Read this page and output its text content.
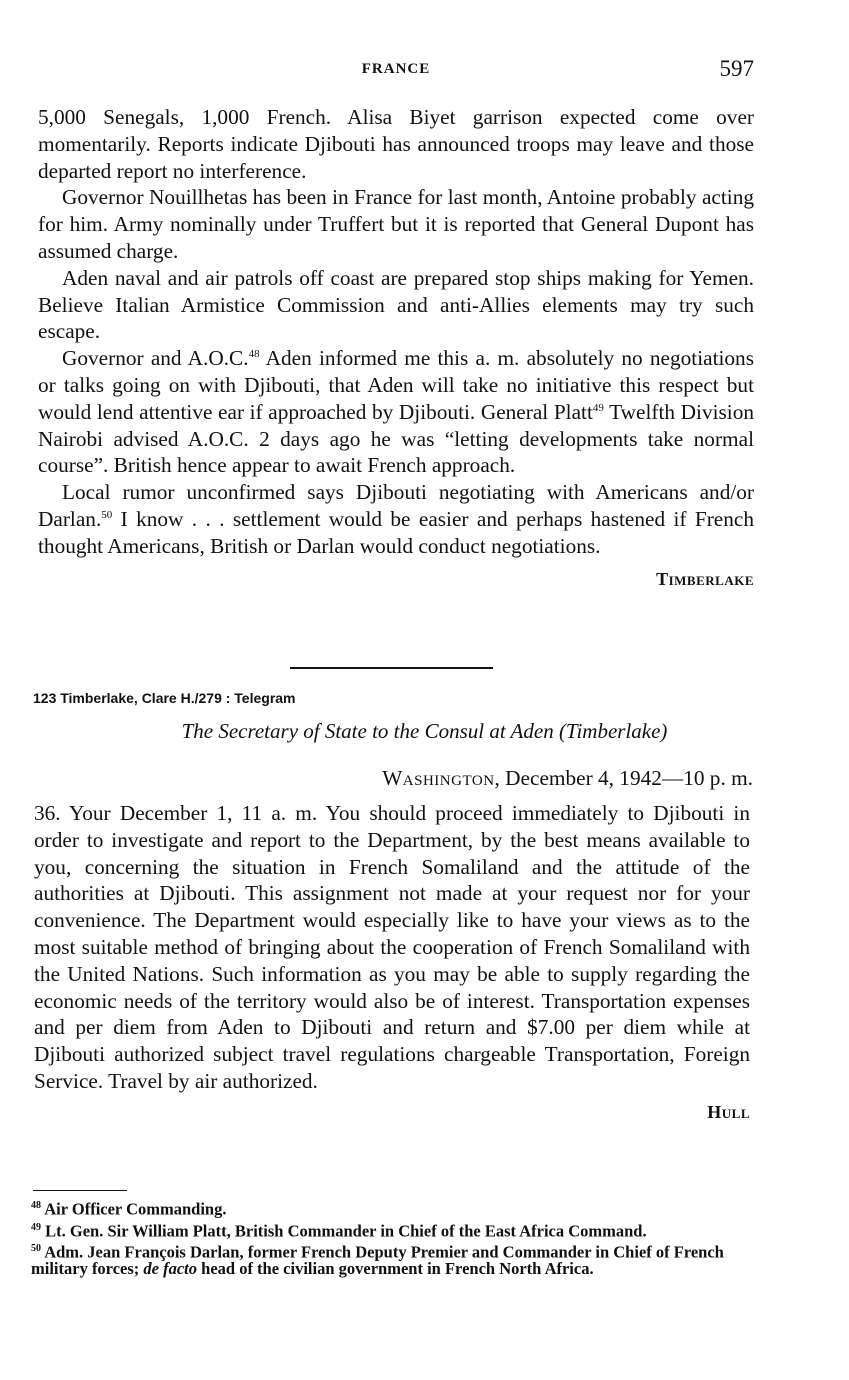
FRANCE	597

5,000 Senegals, 1,000 French. Alisa Biyet garrison expected come over momentarily. Reports indicate Djibouti has announced troops may leave and those departed report no interference.

Governor Nouillhetas has been in France for last month, Antoine probably acting for him. Army nominally under Truffert but it is reported that General Dupont has assumed charge.

Aden naval and air patrols off coast are prepared stop ships making for Yemen. Believe Italian Armistice Commission and anti-Allies elements may try such escape.

Governor and A.O.C.$^{48}$ Aden informed me this a. m. absolutely no negotiations or talks going on with Djibouti, that Aden will take no initiative this respect but would lend attentive ear if approached by Djibouti. General Platt$^{49}$ Twelfth Division Nairobi advised A.O.C. 2 days ago he was “letting developments take normal course”. British hence appear to await French approach.

Local rumor unconfirmed says Djibouti negotiating with Americans and/or Darlan.$^{50}$ I know . . . settlement would be easier and perhaps hastened if French thought Americans, British or Darlan would conduct negotiations.

Timberlake

123 Timberlake, Clare H./279 : Telegram
The Secretary of State to the Consul at Aden (Timberlake)
Washington, December 4, 1942—10 p. m.

36. Your December 1, 11 a. m. You should proceed immediately to Djibouti in order to investigate and report to the Department, by the best means available to you, concerning the situation in French Somaliland and the attitude of the authorities at Djibouti. This assignment not made at your request nor for your convenience. The Department would especially like to have your views as to the most suitable method of bringing about the cooperation of French Somaliland with the United Nations. Such information as you may be able to supply regarding the economic needs of the territory would also be of interest. Transportation expenses and per diem from Aden to Djibouti and return and $7.00 per diem while at Djibouti authorized subject travel regulations chargeable Transportation, Foreign Service. Travel by air authorized.

Hull

$^{48}$ Air Officer Commanding.

$^{49}$ Lt. Gen. Sir William Platt, British Commander in Chief of the East Africa Command.

$^{50}$ Adm. Jean François Darlan, former French Deputy Premier and Commander in Chief of French military forces; de facto head of the civilian government in French North Africa.
